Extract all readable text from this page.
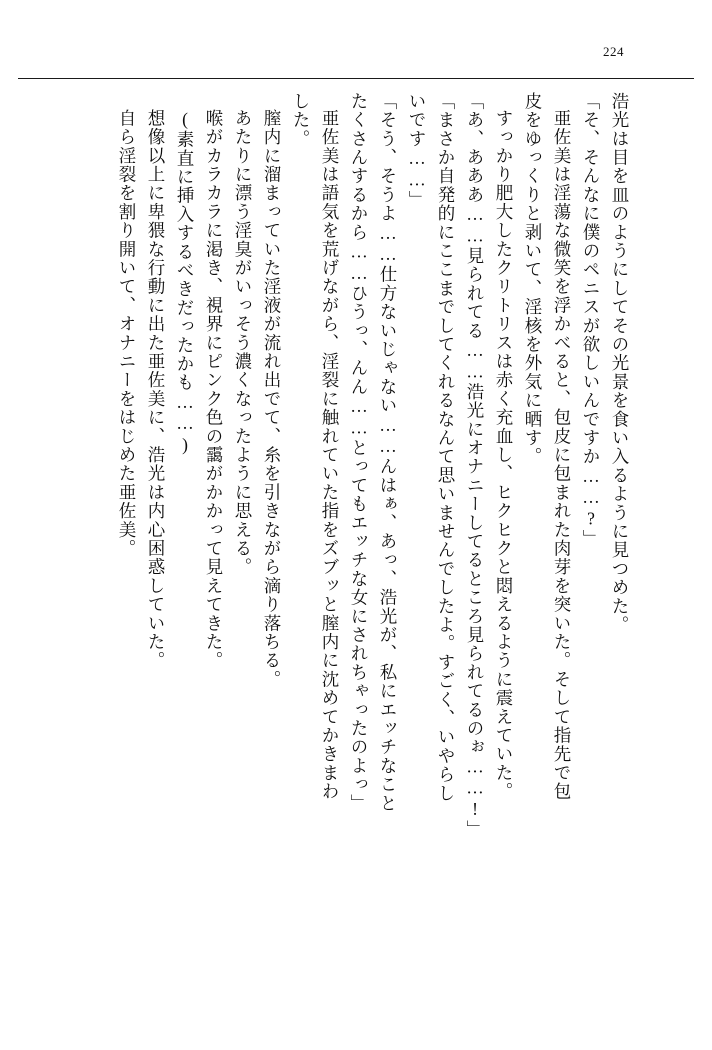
224
浩光は目を皿のようにしてその光景を食い入るように見つめた。
「そ、そんなに僕のペニスが欲しいんですか……?」
亜佐美は淫蕩な微笑を浮かべると、包皮に包まれた肉芽を突いた。そして指先で包
皮をゆっくりと剥いて、淫核を外気に晒す。
すっかり肥大したクリトリスは赤く充血し、ヒクヒクと悶えるように震えていた。
「あ、あああ……見られてる……浩光にオナニーしてるところ見られてるのぉ……!」
「まさか自発的にここまでしてくれるなんて思いませんでしたよ。すごく、いやらし
いです……」
「そう、そうよ……仕方ないじゃない……んはぁ、あっ、浩光が、私にエッチなこと
たくさんするから……ひうっ、んん……とってもエッチな女にされちゃったのよっ」
亜佐美は語気を荒げながら、淫裂に触れていた指をズブッと膣内に沈めてかきまわ
した。
膣内に溜まっていた淫液が流れ出でて、糸を引きながら滴り落ちる。
あたりに漂う淫臭がいっそう濃くなったように思える。
喉がカラカラに渇き、視界にピンク色の靄がかかって見えてきた。
(素直に挿入するべきだったかも……)
想像以上に卑猥な行動に出た亜佐美に、浩光は内心困惑していた。
自ら淫裂を割り開いて、オナニーをはじめた亜佐美。
